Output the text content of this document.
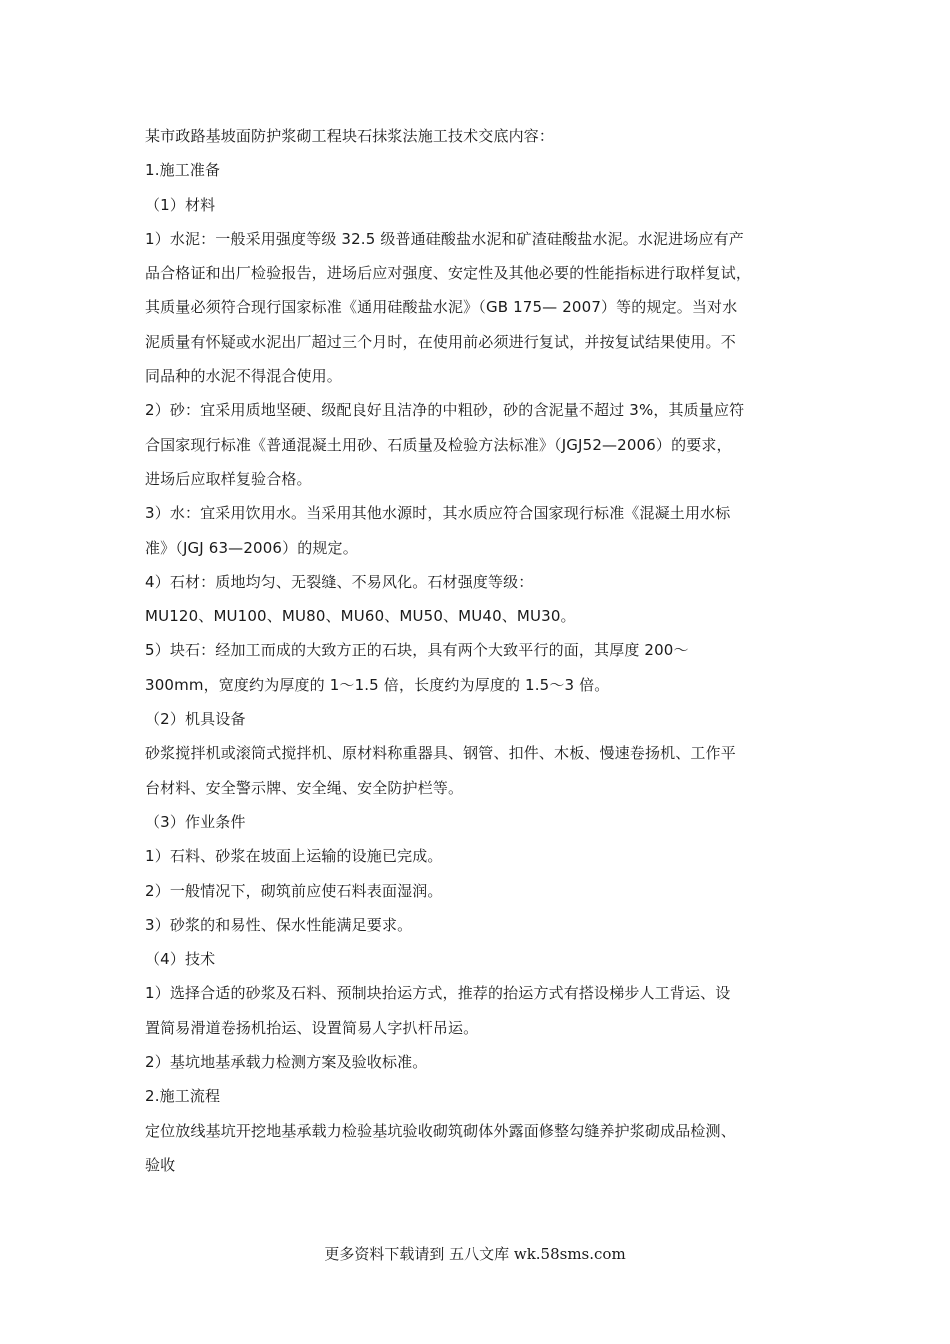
某市政路基坡面防护浆砌工程块石抹浆法施工技术交底内容：
1.施工准备
（1）材料
1）水泥：一般采用强度等级 32.5 级普通硅酸盐水泥和矿渣硅酸盐水泥。水泥进场应有产
品合格证和出厂检验报告，进场后应对强度、安定性及其他必要的性能指标进行取样复试，
其质量必须符合现行国家标准《通用硅酸盐水泥》（GB 175— 2007）等的规定。当对水
泥质量有怀疑或水泥出厂超过三个月时，在使用前必须进行复试，并按复试结果使用。不
同品种的水泥不得混合使用。
2）砂：宜采用质地坚硬、级配良好且洁净的中粗砂，砂的含泥量不超过 3%，其质量应符
合国家现行标准《普通混凝土用砂、石质量及检验方法标准》（JGJ52—2006）的要求，
进场后应取样复验合格。
3）水：宜采用饮用水。当采用其他水源时，其水质应符合国家现行标准《混凝土用水标
准》（JGJ 63—2006）的规定。
4）石材：质地均匀、无裂缝、不易风化。石材强度等级：
MU120、MU100、MU80、MU60、MU50、MU40、MU30。
5）块石：经加工而成的大致方正的石块，具有两个大致平行的面，其厚度 200～
300mm，宽度约为厚度的 1～1.5 倍，长度约为厚度的 1.5～3 倍。
（2）机具设备
砂浆搅拌机或滚筒式搅拌机、原材料称重器具、钢管、扣件、木板、慢速卷扬机、工作平
台材料、安全警示牌、安全绳、安全防护栏等。
（3）作业条件
1）石料、砂浆在坡面上运输的设施已完成。
2）一般情况下，砌筑前应使石料表面湿润。
3）砂浆的和易性、保水性能满足要求。
（4）技术
1）选择合适的砂浆及石料、预制块抬运方式，推荐的抬运方式有搭设梯步人工背运、设
置简易滑道卷扬机抬运、设置简易人字扒杆吊运。
2）基坑地基承载力检测方案及验收标准。
2.施工流程
定位放线基坑开挖地基承载力检验基坑验收砌筑砌体外露面修整勾缝养护浆砌成品检测、
验收
更多资料下载请到 五八文库 wk.58sms.com
